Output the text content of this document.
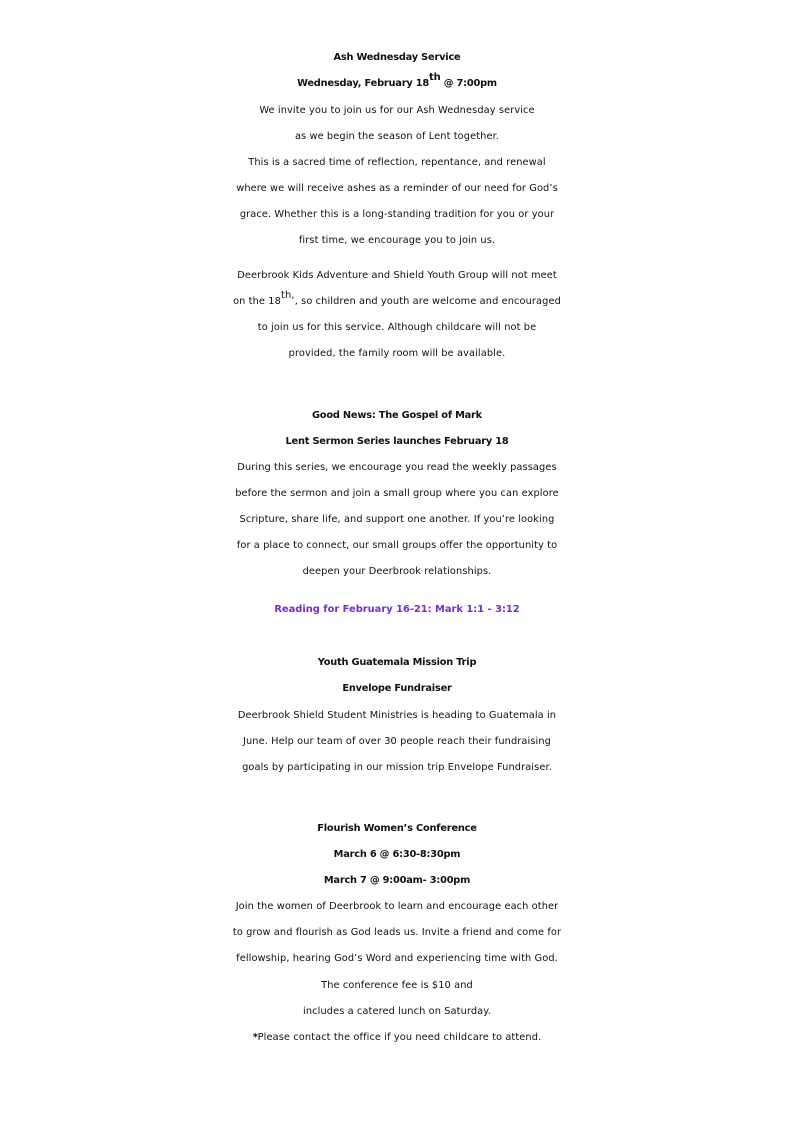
Ash Wednesday Service
Wednesday, February 18th @ 7:00pm
We invite you to join us for our Ash Wednesday service
as we begin the season of Lent together.
This is a sacred time of reflection, repentance, and renewal
where we will receive ashes as a reminder of our need for God’s
grace. Whether this is a long-standing tradition for you or your
first time, we encourage you to join us.
Deerbrook Kids Adventure and Shield Youth Group will not meet
on the $18^{th,}$, so children and youth are welcome and encouraged
to join us for this service. Although childcare will not be
provided, the family room will be available.
Good News: The Gospel of Mark
Lent Sermon Series launches February 18
During this series, we encourage you read the weekly passages
before the sermon and join a small group where you can explore
Scripture, share life, and support one another. If you’re looking
for a place to connect, our small groups offer the opportunity to
deepen your Deerbrook relationships.
Reading for February 16-21: Mark 1:1 - 3:12
Youth Guatemala Mission Trip
Envelope Fundraiser
Deerbrook Shield Student Ministries is heading to Guatemala in
June. Help our team of over 30 people reach their fundraising
goals by participating in our mission trip Envelope Fundraiser.
Flourish Women’s Conference
March 6 @ 6:30-8:30pm
March 7 @ 9:00am- 3:00pm
Join the women of Deerbrook to learn and encourage each other
to grow and flourish as God leads us. Invite a friend and come for
fellowship, hearing God’s Word and experiencing time with God.
The conference fee is $10 and
includes a catered lunch on Saturday.
*Please contact the office if you need childcare to attend.
